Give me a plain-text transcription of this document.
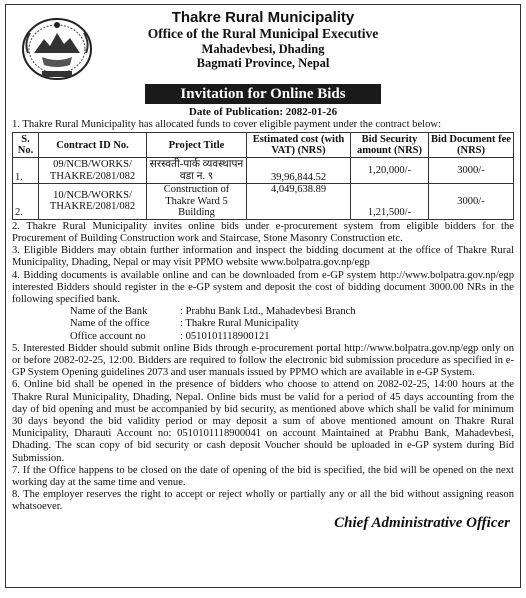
Thakre Rural Municipality
Office of the Rural Municipal Executive
Mahadevbesi, Dhading
Bagmati Province, Nepal
Invitation for Online Bids
Date of Publication: 2082-01-26

1. Thakre Rural Municipality has allocated funds to cover eligible payment under the contract below:

S. No.	Contract ID No.	Project Title	Estimated cost (with VAT) (NRS)	Bid Security amount (NRS)	Bid Document fee (NRS)
1.	09/NCB/WORKS/ THAKRE/2081/082	सरस्वती-पार्क व्यवस्थापन वडा न. ९	39,96,844.52	1,20,000/-	3000/-
2.	10/NCB/WORKS/ THAKRE/2081/082	Construction of Thakre Ward 5 Building	4,049,638.89	1,21,500/-	3000/-

2. Thakre Rural Municipality invites online bids under e-procurement system from eligible bidders for the Procurement of Building Construction work and Staircase, Stone Masonry Construction etc.

3. Eligible Bidders may obtain further information and inspect the bidding document at the office of Thakre Rural Municipality, Dhading, Nepal or may visit PPMO website www.bolpatra.gov.np/egp

4. Bidding documents is available online and can be downloaded from e-GP system http://www.bolpatra.gov.np/egp interested Bidders should register in the e-GP system and deposit the cost of bidding document 3000.00 NRs in the following specified bank.

Name of the Bank	: Prabhu Bank Ltd., Mahadevbesi Branch
Name of the office	: Thakre Rural Municipality
Office account no	: 0510101118900121

5. Interested Bidder should submit online Bids through e-procurement portal http://www.bolpatra.gov.np/egp only on or before 2082-02-25, 12:00. Bidders are required to follow the electronic bid submission procedure as specified in e-GP System Opening guidelines 2073 and user manuals issued by PPMO which are available in e-GP System.

6. Online bid shall be opened in the presence of bidders who choose to attend on 2082-02-25, 14:00 hours at the Thakre Rural Municipality, Dhading, Nepal. Online bids must be valid for a period of 45 days accounting from the day of bid opening and must be accompanied by bid security, as mentioned above which shall be valid for minimum 30 days beyond the bid validity period or may deposit a sum of above mentioned amount on Thakre Rural Municipality, Dharauti Account no: 0510101118900041 on account Maintained at Prabhu Bank, Mahadevbesi, Dhading. The scan copy of bid security or cash deposit Voucher should be uploaded in e-GP system during Bid Submission.

7. If the Office happens to be closed on the date of opening of the bid is specified, the bid will be opened on the next working day at the same time and venue.

8. The employer reserves the right to accept or reject wholly or partially any or all the bid without assigning reason whatsoever.

Chief Administrative Officer
